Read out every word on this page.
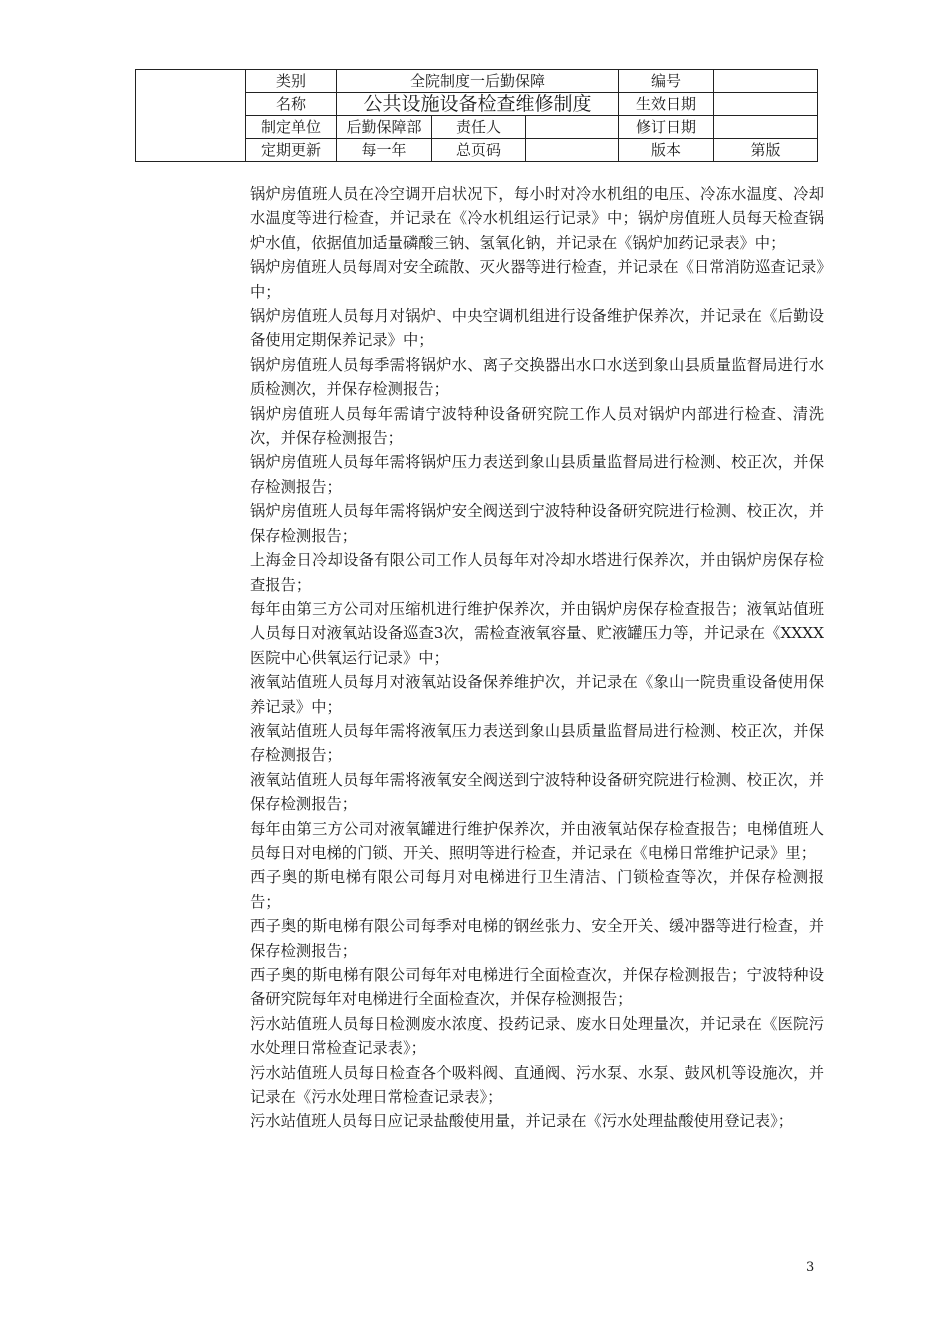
	类别	全院制度一后勤保障			编号	
	名称	公共设施设备检查维修制度			生效日期	
	制定单位	后勤保障部	责任人		修订日期	
	定期更新	每一年	总页码		版本	第版

锅炉房值班人员在冷空调开启状况下，每小时对冷水机组的电压、冷冻水温度、冷却水温度等进行检查，并记录在《冷水机组运行记录》中；锅炉房值班人员每天检查锅炉水值，依据值加适量磷酸三钠、氢氧化钠，并记录在《锅炉加药记录表》中；

锅炉房值班人员每周对安全疏散、灭火器等进行检查，并记录在《日常消防巡查记录》中；

锅炉房值班人员每月对锅炉、中央空调机组进行设备维护保养次，并记录在《后勤设备使用定期保养记录》中；

锅炉房值班人员每季需将锅炉水、离子交换器出水口水送到象山县质量监督局进行水质检测次，并保存检测报告；

锅炉房值班人员每年需请宁波特种设备研究院工作人员对锅炉内部进行检查、清洗次，并保存检测报告；

锅炉房值班人员每年需将锅炉压力表送到象山县质量监督局进行检测、校正次，并保存检测报告；

锅炉房值班人员每年需将锅炉安全阀送到宁波特种设备研究院进行检测、校正次，并保存检测报告；

上海金日冷却设备有限公司工作人员每年对冷却水塔进行保养次，并由锅炉房保存检查报告；

每年由第三方公司对压缩机进行维护保养次，并由锅炉房保存检查报告；液氧站值班人员每日对液氧站设备巡查3次，需检查液氧容量、贮液罐压力等，并记录在《XXXX医院中心供氧运行记录》中；

液氧站值班人员每月对液氧站设备保养维护次，并记录在《象山一院贵重设备使用保养记录》中；

液氧站值班人员每年需将液氧压力表送到象山县质量监督局进行检测、校正次，并保存检测报告；

液氧站值班人员每年需将液氧安全阀送到宁波特种设备研究院进行检测、校正次，并保存检测报告；

每年由第三方公司对液氧罐进行维护保养次，并由液氧站保存检查报告；电梯值班人员每日对电梯的门锁、开关、照明等进行检查，并记录在《电梯日常维护记录》里；

西子奥的斯电梯有限公司每月对电梯进行卫生清洁、门锁检查等次，并保存检测报告；

西子奥的斯电梯有限公司每季对电梯的钢丝张力、安全开关、缓冲器等进行检查，并保存检测报告；

西子奥的斯电梯有限公司每年对电梯进行全面检查次，并保存检测报告；宁波特种设备研究院每年对电梯进行全面检查次，并保存检测报告；

污水站值班人员每日检测废水浓度、投药记录、废水日处理量次，并记录在《医院污水处理日常检查记录表》；

污水站值班人员每日检查各个吸料阀、直通阀、污水泵、水泵、鼓风机等设施次，并记录在《污水处理日常检查记录表》；

污水站值班人员每日应记录盐酸使用量，并记录在《污水处理盐酸使用登记表》；

3
